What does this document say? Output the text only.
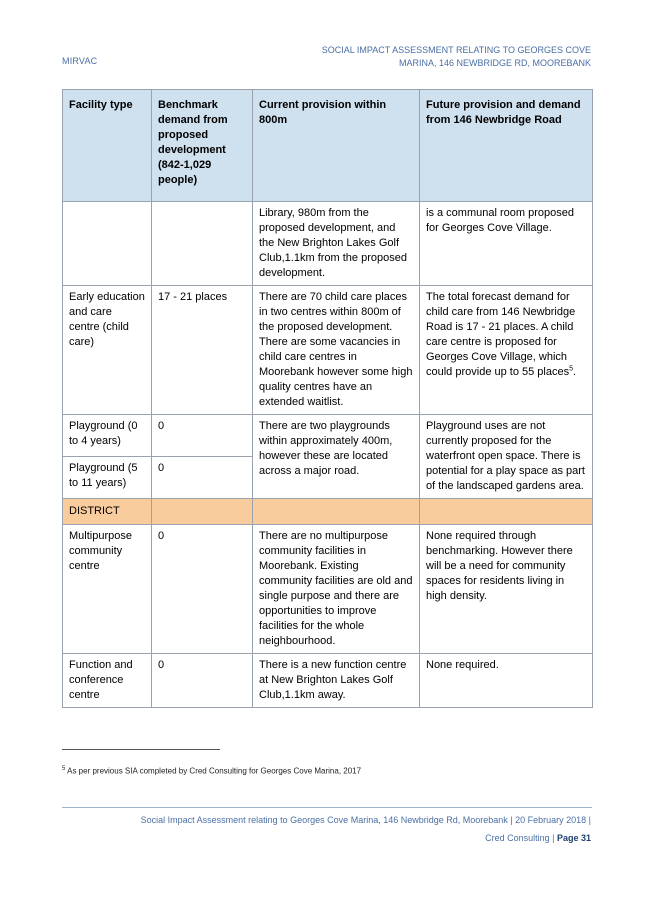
MIRVAC
SOCIAL IMPACT ASSESSMENT RELATING TO GEORGES COVE
MARINA, 146 NEWBRIDGE RD, MOOREBANK
Facility type	Benchmark demand from proposed development (842-1,029 people)	Current provision within 800m	Future provision and demand from 146 Newbridge Road
		Library, 980m from the proposed development, and the New Brighton Lakes Golf Club,1.1km from the proposed development.	is a communal room proposed for Georges Cove Village.
Early education and care centre (child care)	17 - 21 places	There are 70 child care places in two centres within 800m of the proposed development. There are some vacancies in child care centres in Moorebank however some high quality centres have an extended waitlist.	The total forecast demand for child care from 146 Newbridge Road is 17 - 21 places. A child care centre is proposed for Georges Cove Village, which could provide up to 55 places$^5$.
Playground (0 to 4 years)	0	There are two playgrounds within approximately 400m, however these are located across a major road.	Playground uses are not currently proposed for the waterfront open space. There is potential for a play space as part of the landscaped gardens area.
Playground (5 to 11 years)	0		
DISTRICT			
Multipurpose community centre	0	There are no multipurpose community facilities in Moorebank. Existing community facilities are old and single purpose and there are opportunities to improve facilities for the whole neighbourhood.	None required through benchmarking. However there will be a need for community spaces for residents living in high density.
Function and conference centre	0	There is a new function centre at New Brighton Lakes Golf Club,1.1km away.	None required.
$^5$ As per previous SIA completed by Cred Consulting for Georges Cove Marina, 2017
Social Impact Assessment relating to Georges Cove Marina, 146 Newbridge Rd, Moorebank | 20 February 2018 |
Cred Consulting | Page 31
